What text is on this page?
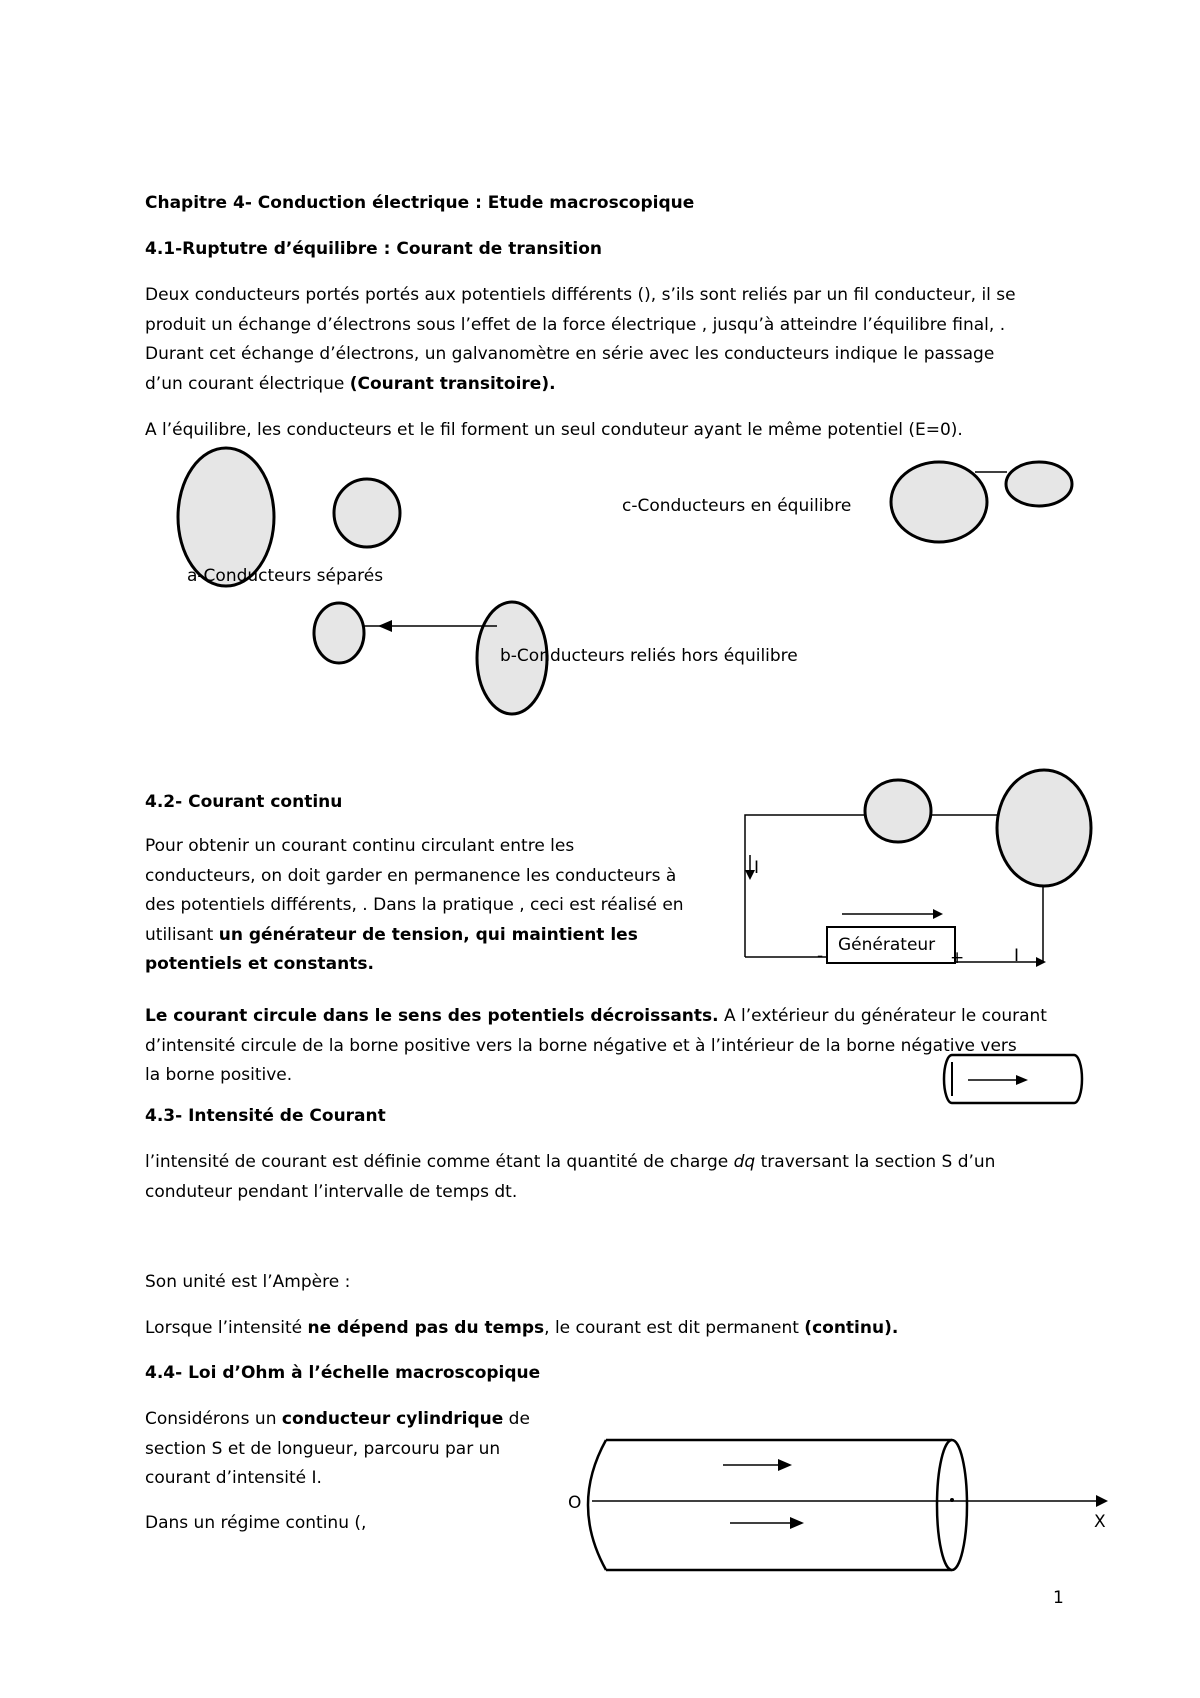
Chapitre 4- Conduction électrique : Etude macroscopique

4.1-Ruptutre d’équilibre : Courant de transition

Deux conducteurs portés portés aux potentiels différents (), s’ils sont reliés par un fil conducteur, il se
produit un échange d’électrons sous l’effet de la force électrique , jusqu’à atteindre l’équilibre final, .
Durant cet échange d’électrons, un galvanomètre en série avec les conducteurs indique le passage
d’un courant électrique (Courant transitoire).

A l’équilibre, les conducteurs et le fil forment un seul conduteur ayant le même potentiel (E=0).

a-Conducteurs séparés
b-Conducteurs reliés hors équilibre
c-Conducteurs en équilibre

4.2- Courant continu

Pour obtenir un courant continu circulant entre les
conducteurs, on doit garder en permanence les conducteurs à
des potentiels différents, . Dans la pratique , ceci est réalisé en
utilisant un générateur de tension, qui maintient les
potentiels et constants.
Générateur
-	+
I
I
Le courant circule dans le sens des potentiels décroissants. A l’extérieur du générateur le courant
d’intensité circule de la borne positive vers la borne négative et à l’intérieur de la borne négative vers
la borne positive.

4.3- Intensité de Courant

l’intensité de courant est définie comme étant la quantité de charge dq traversant la section S d’un
conduteur pendant l’intervalle de temps dt.

Son unité est l’Ampère :

Lorsque l’intensité ne dépend pas du temps, le courant est dit permanent (continu).

4.4- Loi d’Ohm à l’échelle macroscopique

Considérons un conducteur cylindrique de
section S et de longueur, parcouru par un
courant d’intensité I.

Dans un régime continu (,

O
X
1
